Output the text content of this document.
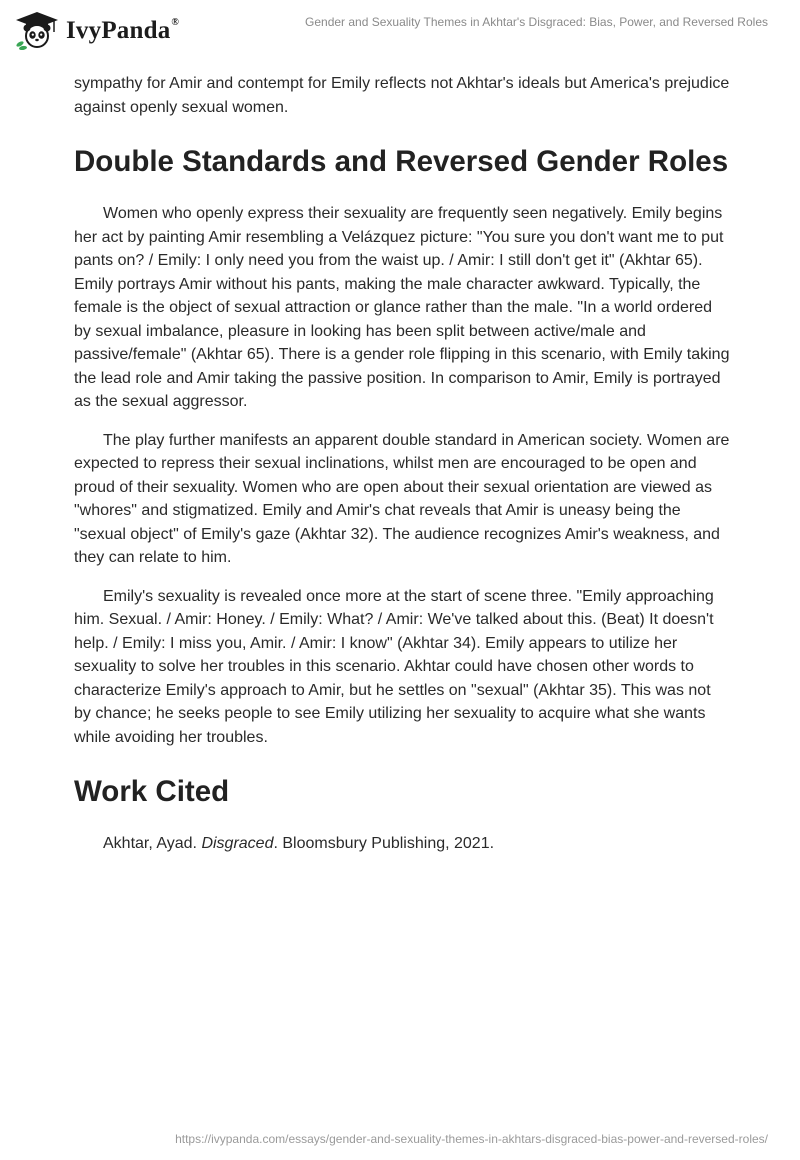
IvyPanda®	Gender and Sexuality Themes in Akhtar's Disgraced: Bias, Power, and Reversed Roles

sympathy for Amir and contempt for Emily reflects not Akhtar's ideals but America's prejudice against openly sexual women.

Double Standards and Reversed Gender Roles

Women who openly express their sexuality are frequently seen negatively. Emily begins her act by painting Amir resembling a Velázquez picture: "You sure you don't want me to put pants on? / Emily: I only need you from the waist up. / Amir: I still don't get it" (Akhtar 65). Emily portrays Amir without his pants, making the male character awkward. Typically, the female is the object of sexual attraction or glance rather than the male. "In a world ordered by sexual imbalance, pleasure in looking has been split between active/male and passive/female" (Akhtar 65). There is a gender role flipping in this scenario, with Emily taking the lead role and Amir taking the passive position. In comparison to Amir, Emily is portrayed as the sexual aggressor.

The play further manifests an apparent double standard in American society. Women are expected to repress their sexual inclinations, whilst men are encouraged to be open and proud of their sexuality. Women who are open about their sexual orientation are viewed as "whores" and stigmatized. Emily and Amir's chat reveals that Amir is uneasy being the "sexual object" of Emily's gaze (Akhtar 32). The audience recognizes Amir's weakness, and they can relate to him.

Emily's sexuality is revealed once more at the start of scene three. "Emily approaching him. Sexual. / Amir: Honey. / Emily: What? / Amir: We've talked about this. (Beat) It doesn't help. / Emily: I miss you, Amir. / Amir: I know" (Akhtar 34). Emily appears to utilize her sexuality to solve her troubles in this scenario. Akhtar could have chosen other words to characterize Emily's approach to Amir, but he settles on "sexual" (Akhtar 35). This was not by chance; he seeks people to see Emily utilizing her sexuality to acquire what she wants while avoiding her troubles.

Work Cited

Akhtar, Ayad. Disgraced. Bloomsbury Publishing, 2021.

https://ivypanda.com/essays/gender-and-sexuality-themes-in-akhtars-disgraced-bias-power-and-reversed-roles/
